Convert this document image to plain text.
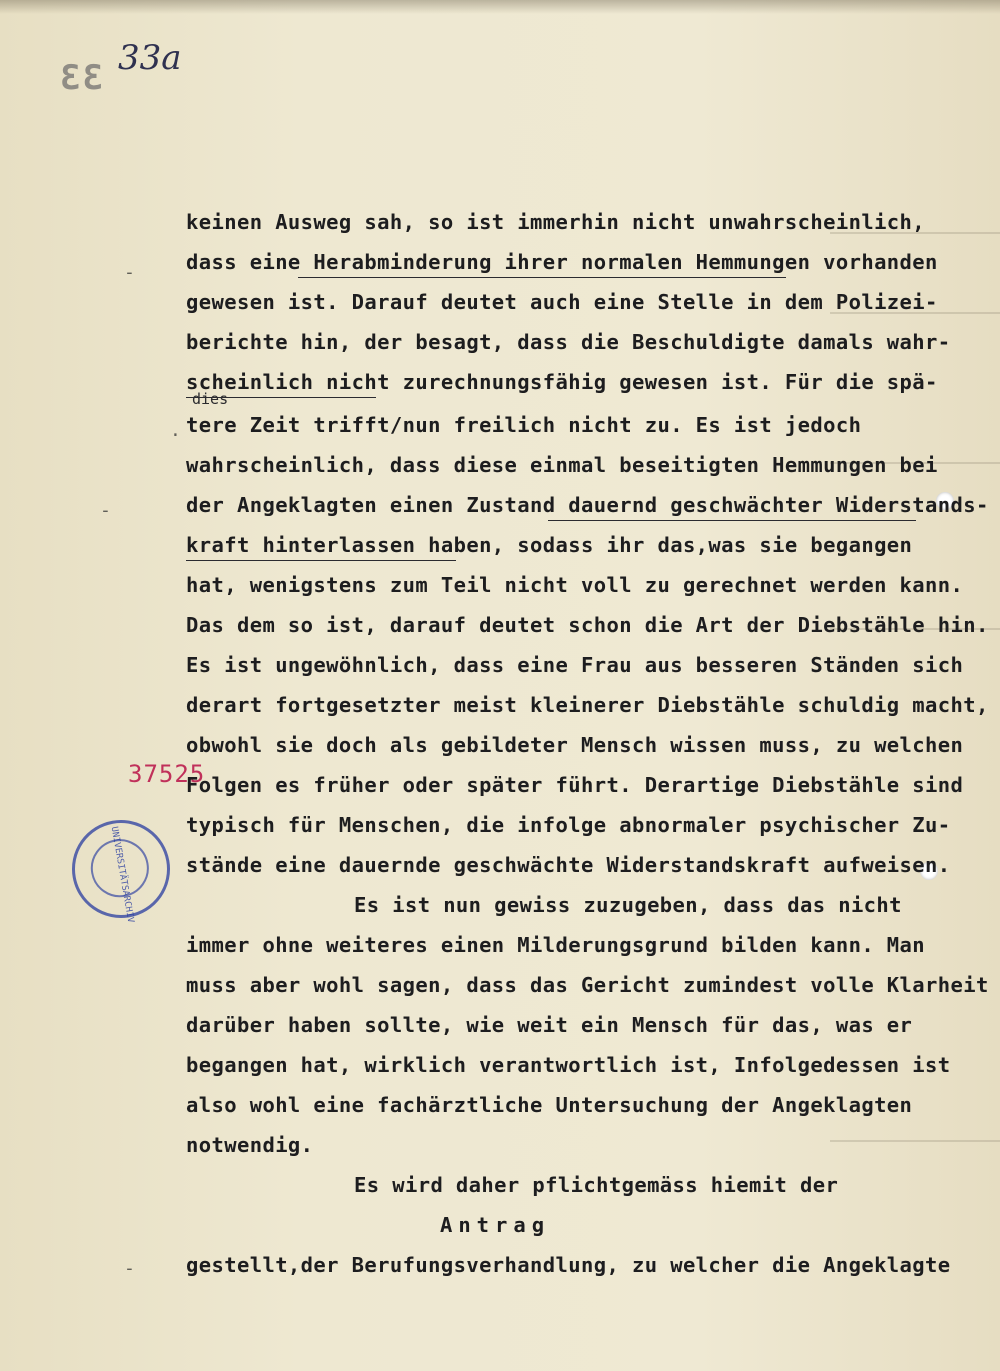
33 33a
37525
UNIVERSITÄTSARCHIV
-
.
-
-
dies
keinen Ausweg sah, so ist immerhin nicht unwahrscheinlich,
dass eine Herabminderung ihrer normalen Hemmungen vorhanden
gewesen ist. Darauf deutet auch eine Stelle in dem Polizei-
berichte hin, der besagt, dass die Beschuldigte damals wahr-
scheinlich nicht zurechnungsfähig gewesen ist. Für die spä-
tere Zeit trifft/nun freilich nicht zu. Es ist jedoch
wahrscheinlich, dass diese einmal beseitigten Hemmungen bei
der Angeklagten einen Zustand dauernd geschwächter Widerstands-
kraft hinterlassen haben, sodass ihr das,was sie begangen
hat, wenigstens zum Teil nicht voll zu gerechnet werden kann.
Das dem so ist, darauf deutet schon die Art der Diebstähle hin.
Es ist ungewöhnlich, dass eine Frau aus besseren Ständen sich
derart fortgesetzter meist kleinerer Diebstähle schuldig macht,
obwohl sie doch als gebildeter Mensch wissen muss, zu welchen
Folgen es früher oder später führt. Derartige Diebstähle sind
typisch für Menschen, die infolge abnormaler psychischer Zu-
stände eine dauernde geschwächte Widerstandskraft aufweisen.
Es ist nun gewiss zuzugeben, dass das nicht
immer ohne weiteres einen Milderungsgrund bilden kann. Man
muss aber wohl sagen, dass das Gericht zumindest volle Klarheit
darüber haben sollte, wie weit ein Mensch für das, was er
begangen hat, wirklich verantwortlich ist, Infolgedessen ist
also wohl eine fachärztliche Untersuchung der Angeklagten
notwendig.
Es wird daher pflichtgemäss hiemit der
Antrag
gestellt,der Berufungsverhandlung, zu welcher die Angeklagte
